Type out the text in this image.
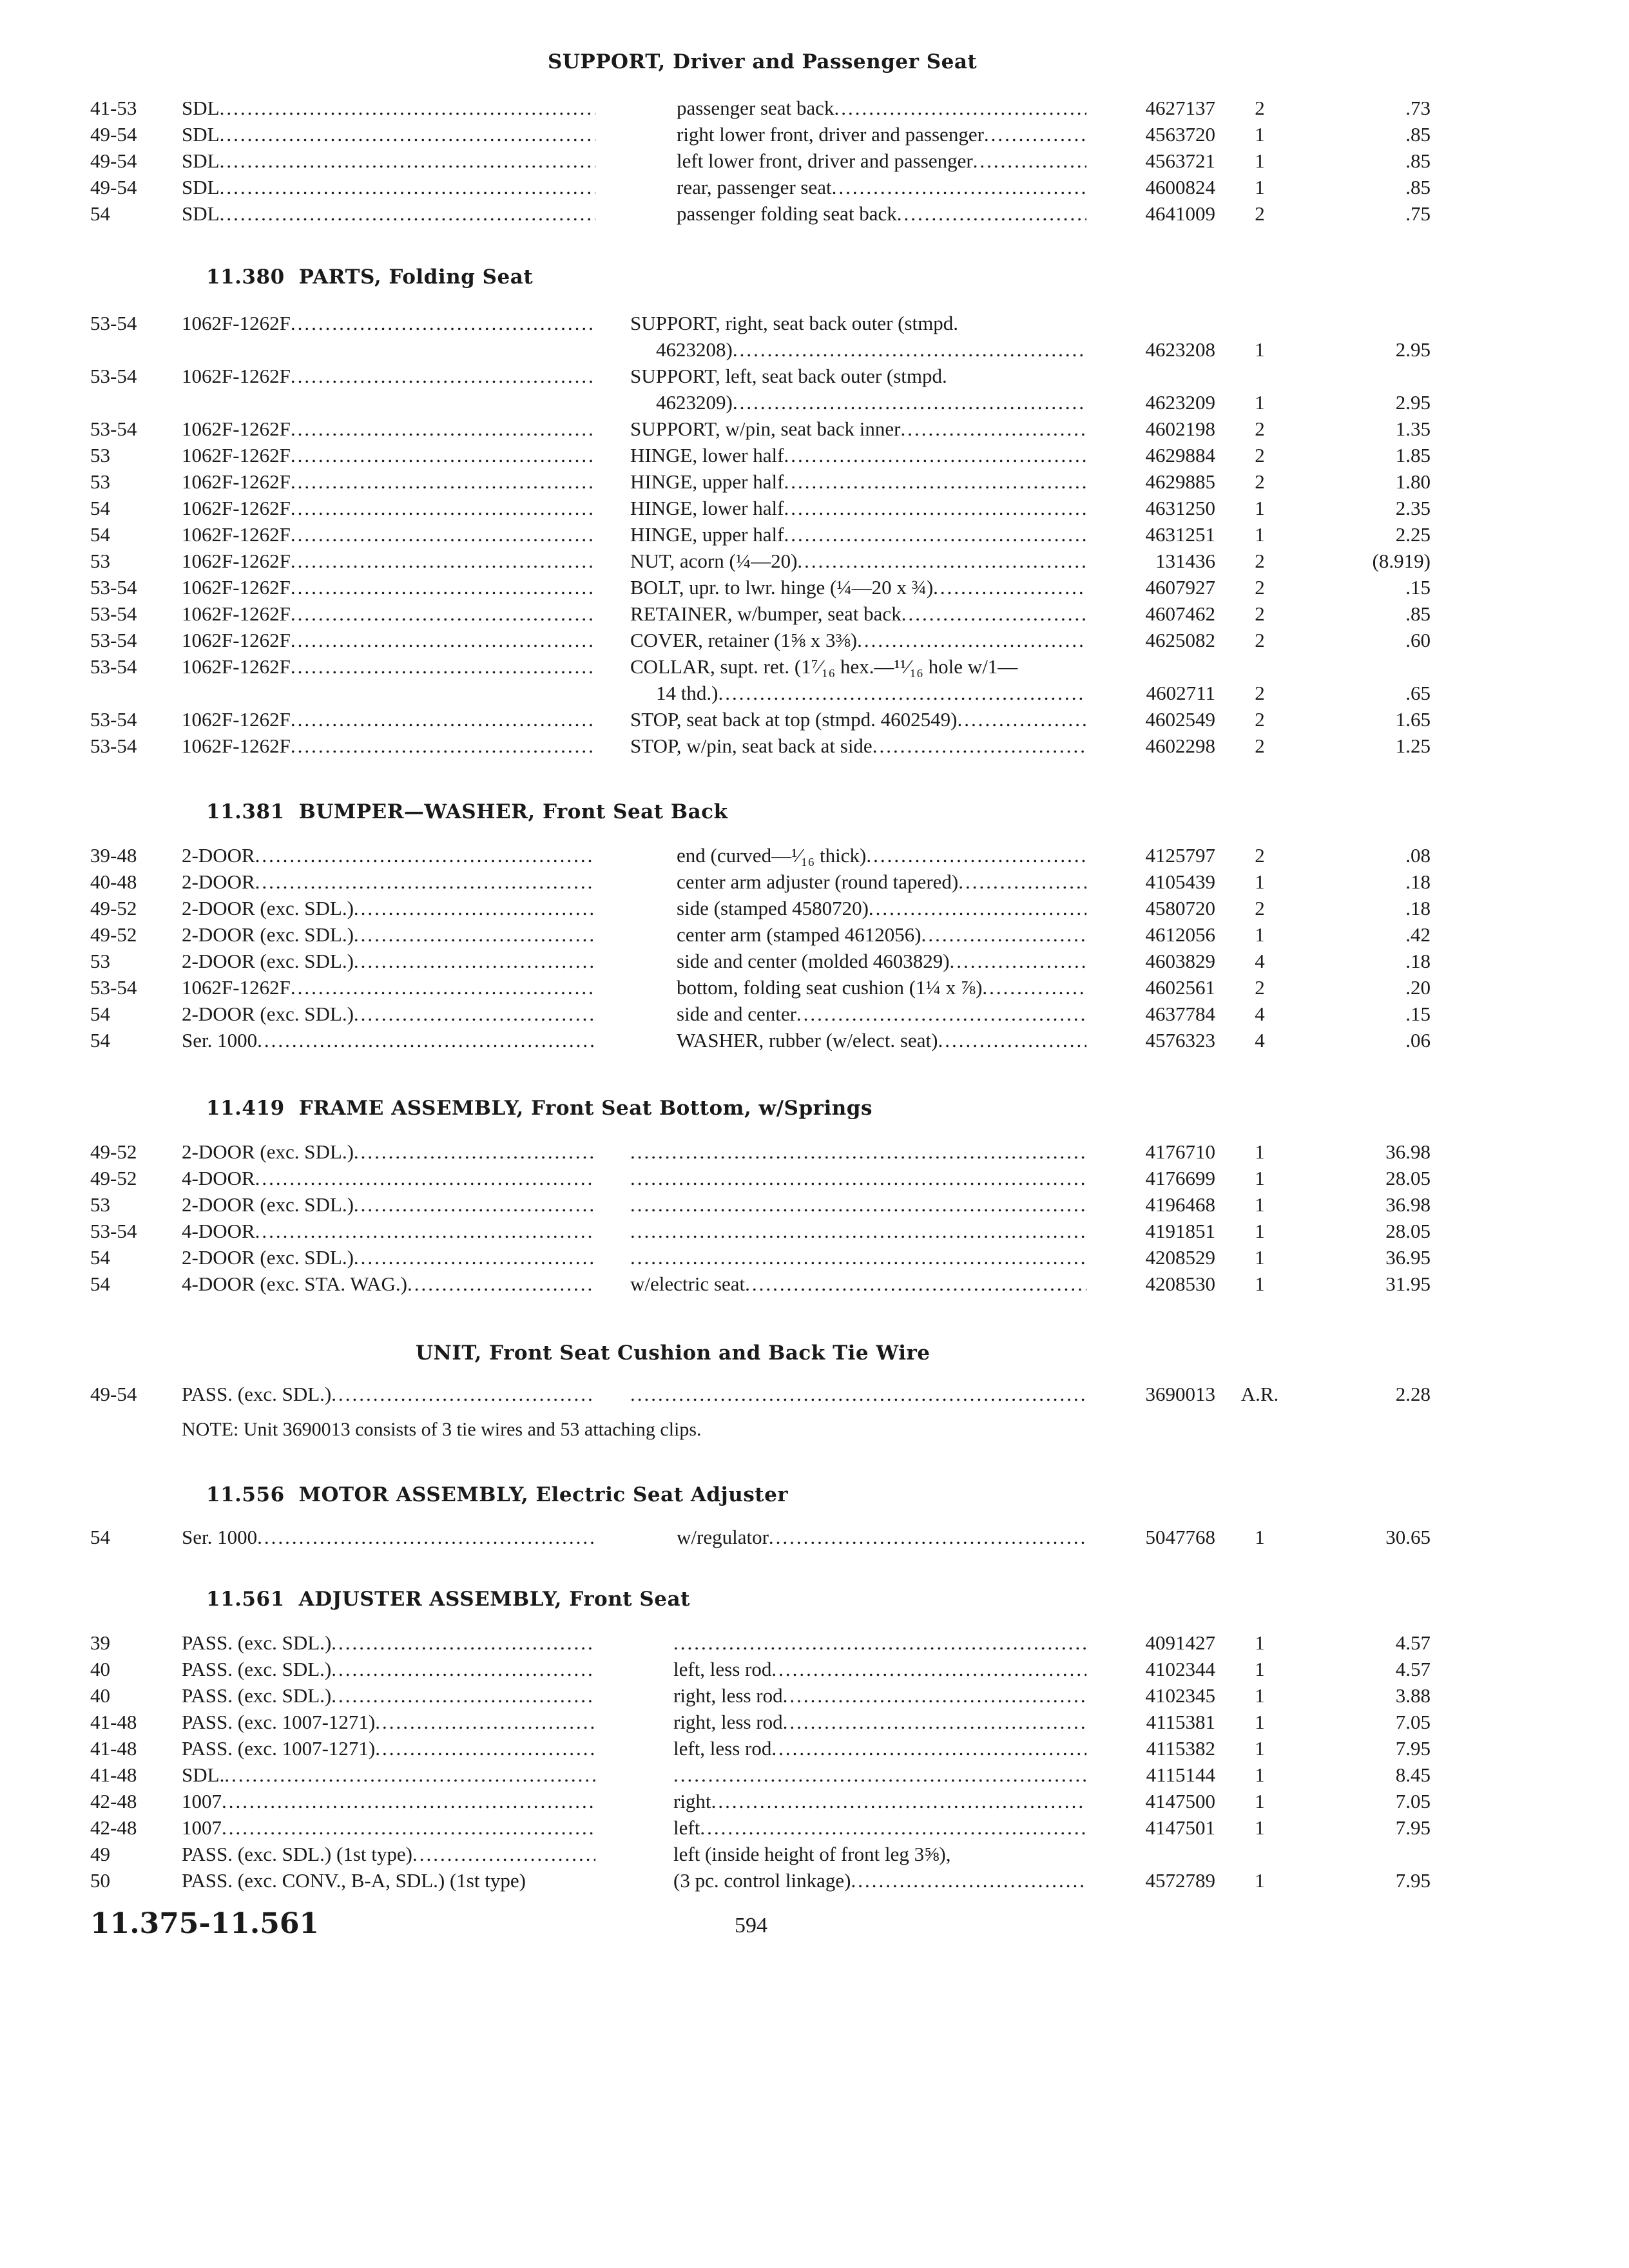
SUPPORT, Driver and Passenger Seat
41-53	SDL .....	passenger seat back .....	4627137	2	.73
49-54	SDL .....	right lower front, driver and passenger .....	4563720	1	.85
49-54	SDL .....	left lower front, driver and passenger .....	4563721	1	.85
49-54	SDL .....	rear, passenger seat .....	4600824	1	.85
54	SDL .....	passenger folding seat back .....	4641009	2	.75
11.380 PARTS, Folding Seat
53-54	1062F-1262F .....	SUPPORT, right, seat back outer (stmpd.
4623208) .....	4623208	1	2.95
53-54	1062F-1262F .....	SUPPORT, left, seat back outer (stmpd.
4623209) .....	4623209	1	2.95
53-54	1062F-1262F .....	SUPPORT, w/pin, seat back inner .....	4602198	2	1.35
53	1062F-1262F .....	HINGE, lower half .....	4629884	2	1.85
53	1062F-1262F .....	HINGE, upper half .....	4629885	2	1.80
54	1062F-1262F .....	HINGE, lower half .....	4631250	1	2.35
54	1062F-1262F .....	HINGE, upper half .....	4631251	1	2.25
53	1062F-1262F .....	NUT, acorn (¼—20) .....	131436	2	(8.919)
53-54	1062F-1262F .....	BOLT, upr. to lwr. hinge (¼—20 x ¾) .....	4607927	2	.15
53-54	1062F-1262F .....	RETAINER, w/bumper, seat back .....	4607462	2	.85
53-54	1062F-1262F .....	COVER, retainer (1⅝ x 3⅜) .....	4625082	2	.60
53-54	1062F-1262F .....	COLLAR, supt. ret. (1⁷⁄₁₆ hex.—¹¹⁄₁₆ hole w/1—
14 thd.) .....	4602711	2	.65
53-54	1062F-1262F .....	STOP, seat back at top (stmpd. 4602549) .....	4602549	2	1.65
53-54	1062F-1262F .....	STOP, w/pin, seat back at side .....	4602298	2	1.25
11.381 BUMPER—WASHER, Front Seat Back
39-48	2-DOOR .....	end (curved—¹⁄₁₆ thick) .....	4125797	2	.08
40-48	2-DOOR .....	center arm adjuster (round tapered) .....	4105439	1	.18
49-52	2-DOOR (exc. SDL.) .....	side (stamped 4580720) .....	4580720	2	.18
49-52	2-DOOR (exc. SDL.) .....	center arm (stamped 4612056) .....	4612056	1	.42
53	2-DOOR (exc. SDL.) .....	side and center (molded 4603829) .....	4603829	4	.18
53-54	1062F-1262F .....	bottom, folding seat cushion (1¼ x ⅞) .....	4602561	2	.20
54	2-DOOR (exc. SDL.) .....	side and center .....	4637784	4	.15
54	Ser. 1000 .....	WASHER, rubber (w/elect. seat) .....	4576323	4	.06
11.419 FRAME ASSEMBLY, Front Seat Bottom, w/Springs
49-52	2-DOOR (exc. SDL.) ..... .....	4176710	1	36.98
49-52	4-DOOR ..... .....	4176699	1	28.05
53	2-DOOR (exc. SDL.) ..... .....	4196468	1	36.98
53-54	4-DOOR ..... .....	4191851	1	28.05
54	2-DOOR (exc. SDL.) ..... .....	4208529	1	36.95
54	4-DOOR (exc. STA. WAG.) .....	w/electric seat .....	4208530	1	31.95
UNIT, Front Seat Cushion and Back Tie Wire
49-54	PASS. (exc. SDL.) ..... .....	3690013	A.R.	2.28
NOTE: Unit 3690013 consists of 3 tie wires and 53 attaching clips.
11.556 MOTOR ASSEMBLY, Electric Seat Adjuster
54	Ser. 1000 .....	w/regulator .....	5047768	1	30.65
11.561 ADJUSTER ASSEMBLY, Front Seat
39	PASS. (exc. SDL.) ..... .....	4091427	1	4.57
40	PASS. (exc. SDL.) .....	left, less rod .....	4102344	1	4.57
40	PASS. (exc. SDL.) .....	right, less rod .....	4102345	1	3.88
41-48	PASS. (exc. 1007-1271) .....	right, less rod .....	4115381	1	7.05
41-48	PASS. (exc. 1007-1271) .....	left, less rod .....	4115382	1	7.95
41-48	SDL. ..... .....	4115144	1	8.45
42-48	1007 .....	right .....	4147500	1	7.05
42-48	1007 .....	left .....	4147501	1	7.95
49	PASS. (exc. SDL.) (1st type) .....	left (inside height of front leg 3⅝),
50	PASS. (exc. CONV., B-A, SDL.) (1st type)	(3 pc. control linkage) .....	4572789	1	7.95
11.375-11.561	594
